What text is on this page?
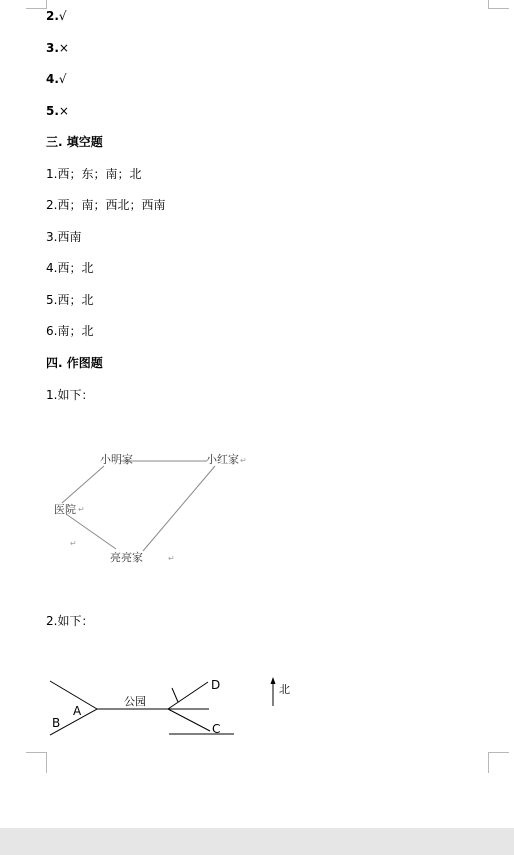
2.√
3.×
4.√
5.×
三. 填空题
1.西；东；南；北
2.西；南；西北；西南
3.西南
4.西；北
5.西；北
6.南；北
四. 作图题
1.如下：
2.如下：
小明家	小红家
医院
亮亮家
↵
↵
↵
↵
公园
北
A
B	C
D
